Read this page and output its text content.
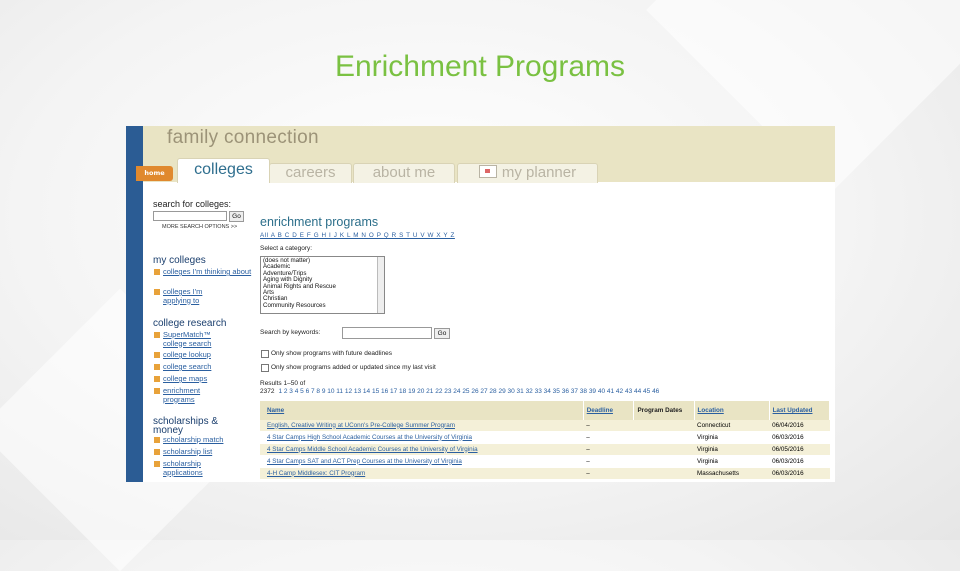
Enrichment Programs
family connection
home	colleges	careers	about me	my planner
search for colleges:
Go
MORE SEARCH OPTIONS >>
my colleges
colleges I'm thinking about
colleges I'm applying to
college research
SuperMatch™ college search
college lookup
college search
college maps
enrichment programs
scholarships & money
scholarship match
scholarship list
scholarship applications
enrichment programs
All A B C D E F G H I J K L M N O P Q R S T U V W X Y Z
Select a category:
(does not matter)
Academic
Adventure/Trips
Aging with Dignity
Animal Rights and Rescue
Arts
Christian
Community Resources
Search by keywords:	Go
Only show programs with future deadlines
Only show programs added or updated since my last visit
Results 1–50 of
2372 1 2 3 4 5 6 7 8 9 10 11 12 13 14 15 16 17 18 19 20 21 22 23 24 25 26 27 28 29 30 31 32 33 34 35 36 37 38 39 40 41 42 43 44 45 46
Name	Deadline	Program Dates	Location	Last Updated
English, Creative Writing at UConn's Pre-College Summer Program	–		Connecticut	06/04/2016
4 Star Camps High School Academic Courses at the University of Virginia	–		Virginia	06/03/2016
4 Star Camps Middle School Academic Courses at the University of Virginia	–		Virginia	06/05/2016
4 Star Camps SAT and ACT Prep Courses at the University of Virginia	–		Virginia	06/03/2016
4-H Camp Middlesex: CIT Program	–		Massachusetts	06/03/2016
